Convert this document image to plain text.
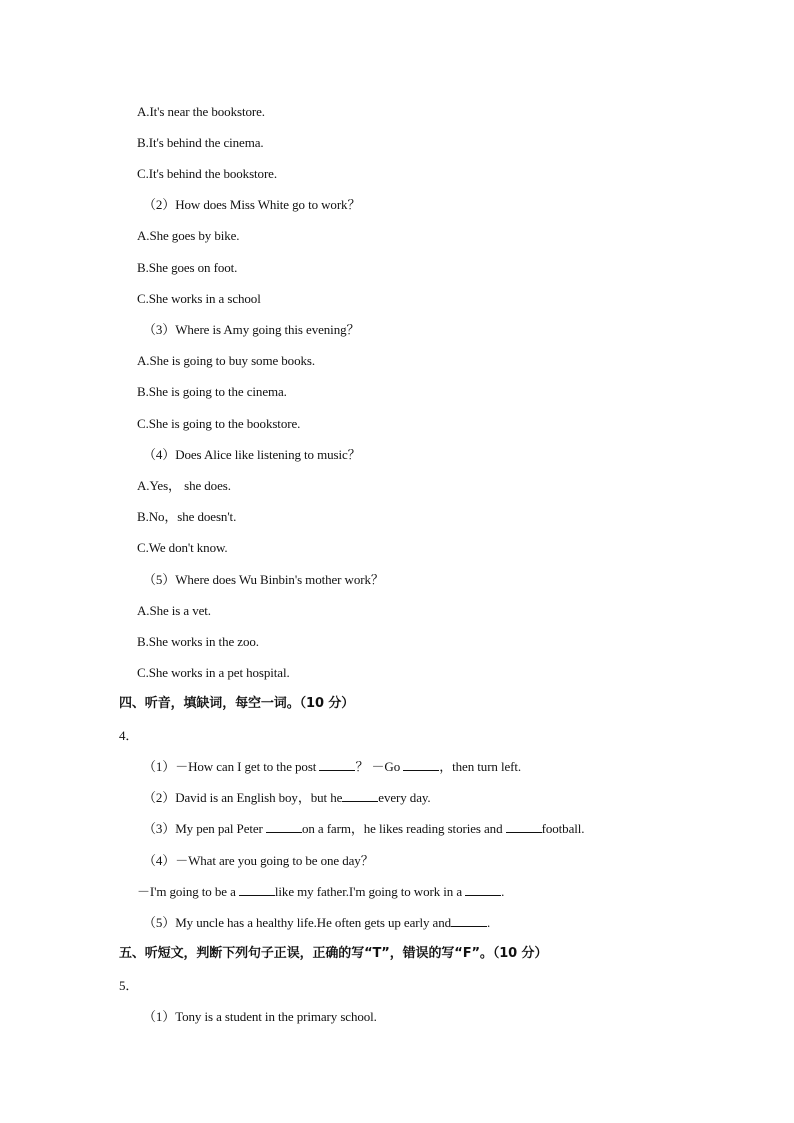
A.It's near the bookstore.
B.It's behind the cinema.
C.It's behind the bookstore.
（2）How does Miss White go to work？
A.She goes by bike.
B.She goes on foot.
C.She works in a school
（3）Where is Amy going this evening？
A.She is going to buy some books.
B.She is going to the cinema.
C.She is going to the bookstore.
（4）Does Alice like listening to music？
A.Yes， she does.
B.No，she doesn't.
C.We don't know.
（5）Where does Wu Binbin's mother work？
A.She is a vet.
B.She works in the zoo.
C.She works in a pet hospital.
四、听音，填缺词，每空一词。（10 分）
4．
（1）－How can I get to the post	？ －Go	，then turn left.
（2）David is an English boy，but he	every day.
（3）My pen pal Peter	on a farm，he likes reading stories and	football.
（4）－What are you going to be one day？
－I'm going to be a	like my father.I'm going to work in a	.
（5）My uncle has a healthy life.He often gets up early and	.
五、听短文，判断下列句子正误，正确的写“T”，错误的写“F”。（10 分）
5．
（1）Tony is a student in the primary school.
